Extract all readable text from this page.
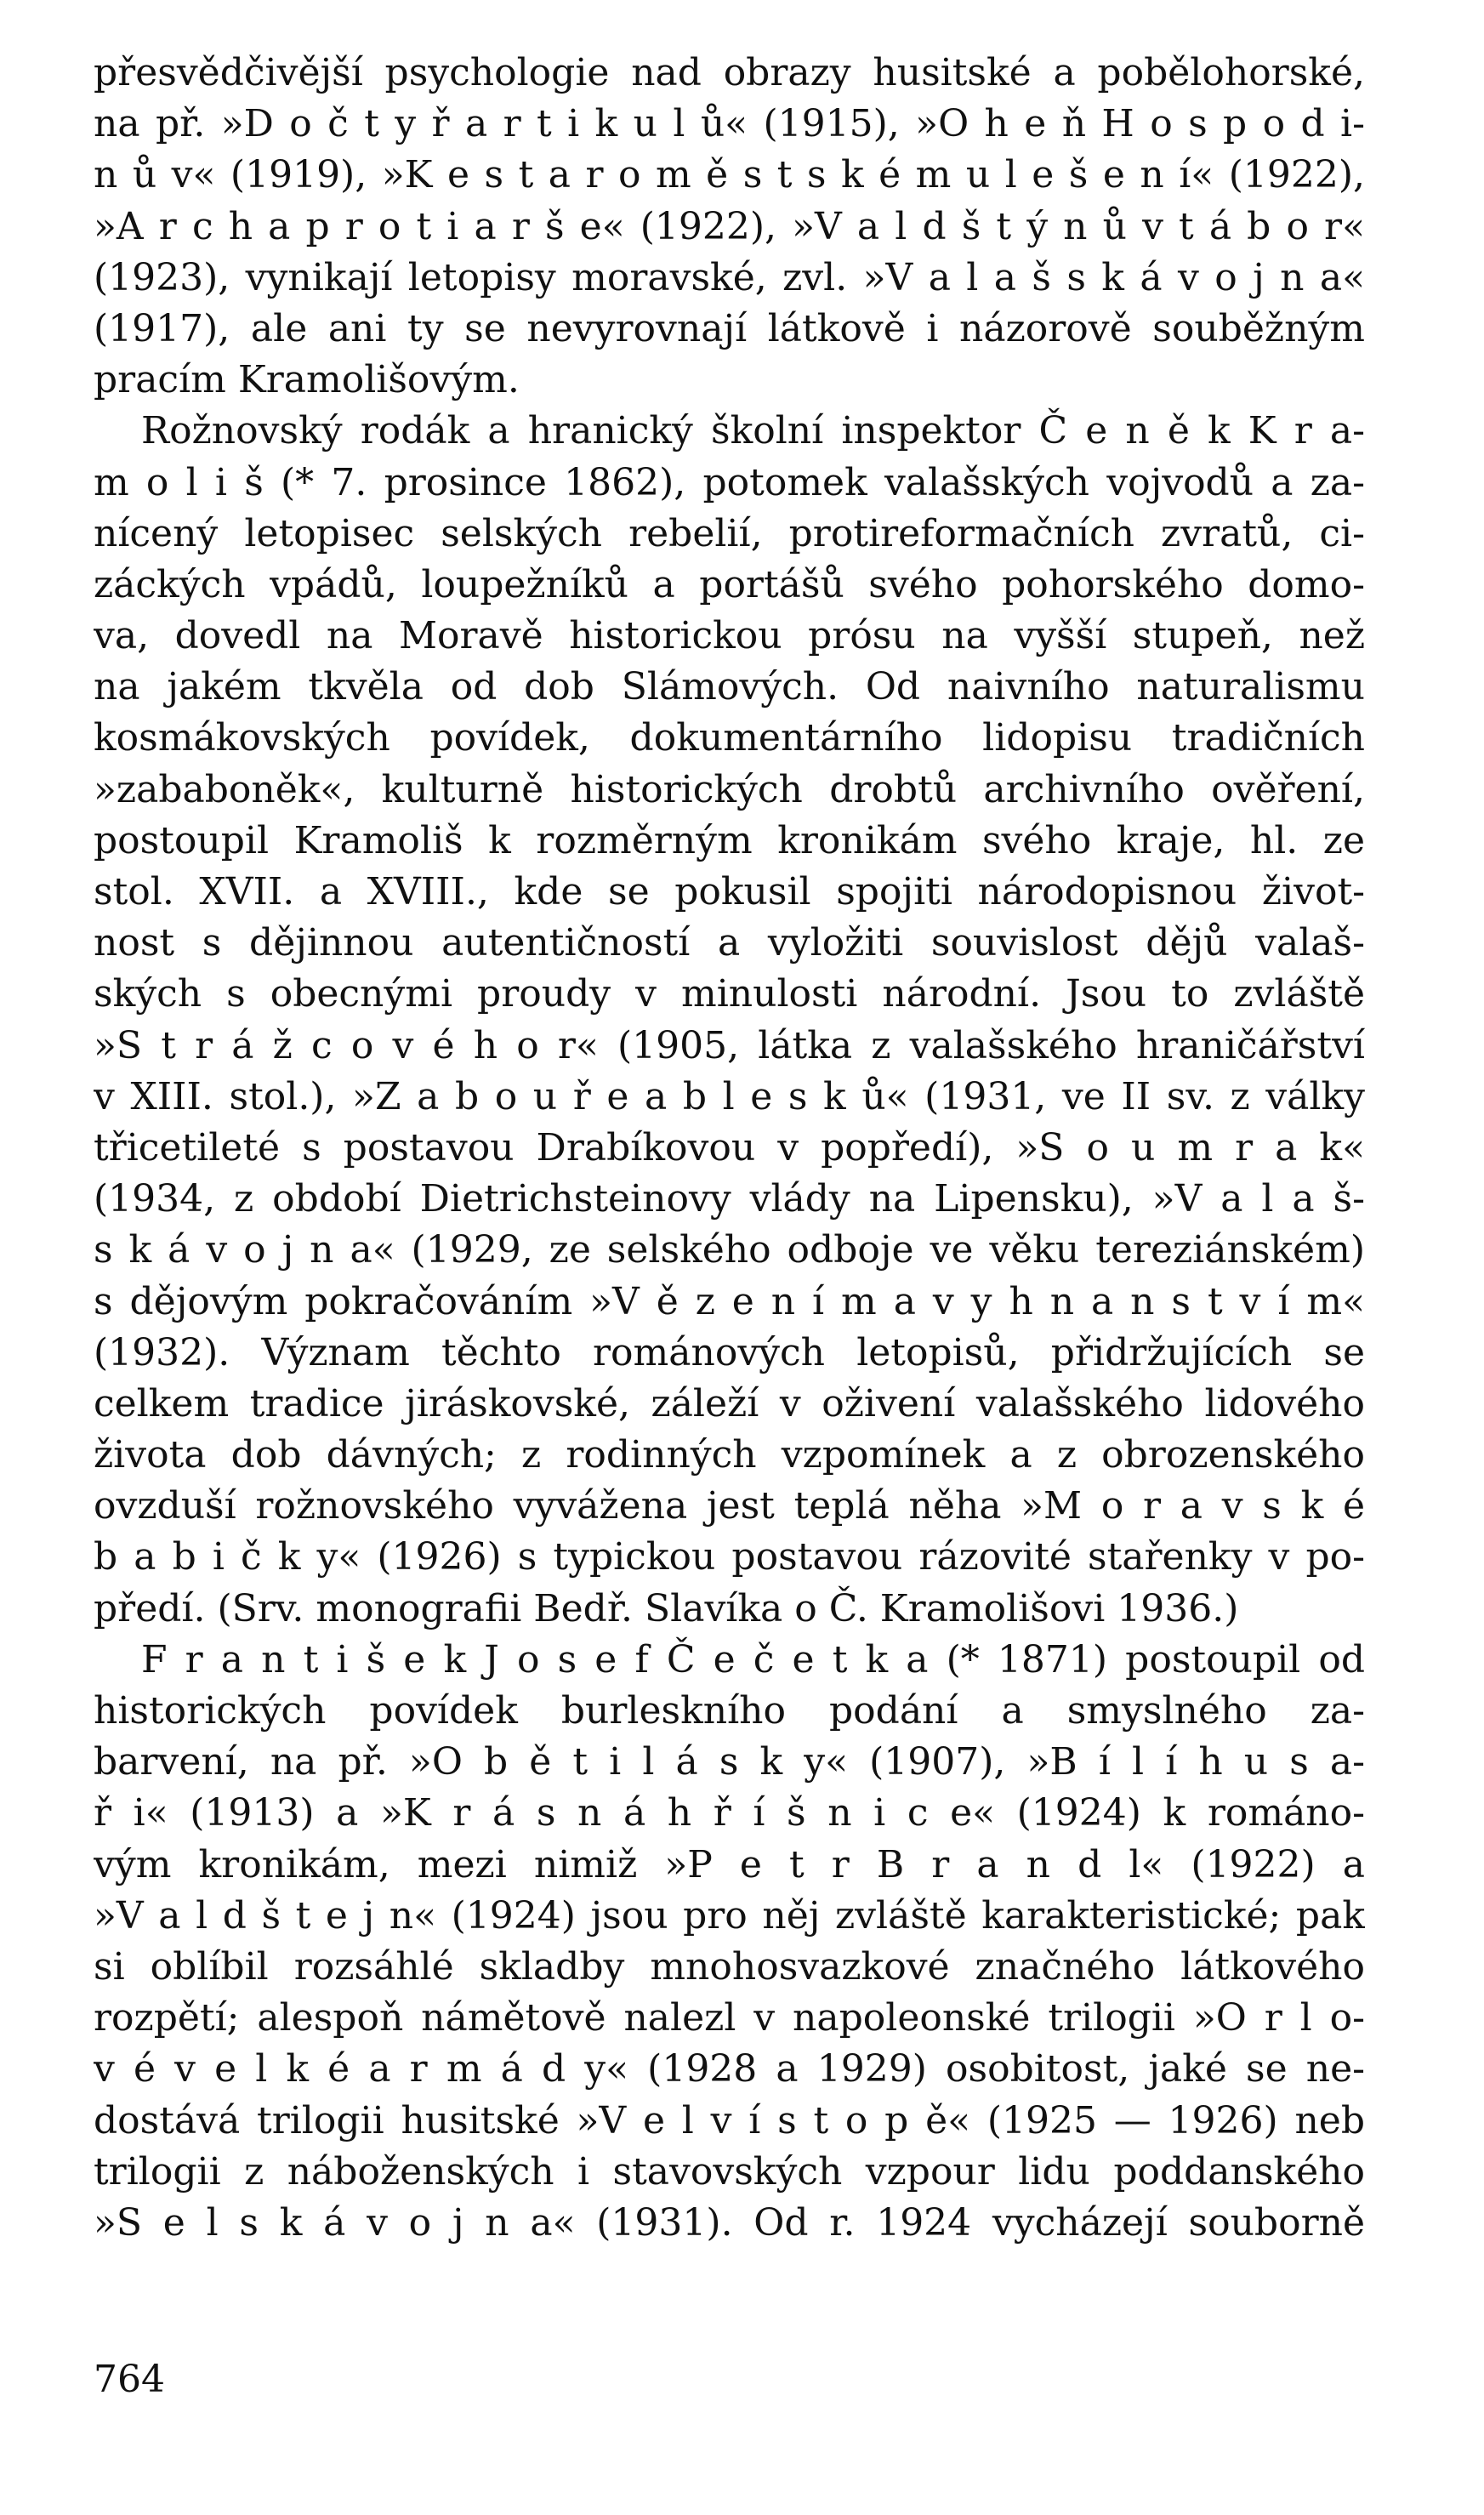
přesvědčivější psychologie nad obrazy husitské a pobělohorské,
na př. »D o č t y ř a r t i k u l ů« (1915), »O h e ň H o s p o d i-
n ů v« (1919), »K e s t a r o m ě s t s k é m u l e š e n í« (1922),
»A r c h a p r o t i a r š e« (1922), »V a l d š t ý n ů v t á b o r«
(1923), vynikají letopisy moravské, zvl. »V a l a š s k á v o j n a«
(1917), ale ani ty se nevyrovnají látkově i názorově souběžným
pracím Kramolišovým.
Rožnovský rodák a hranický školní inspektor Č e n ě k K r a-
m o l i š (* 7. prosince 1862), potomek valašských vojvodů a za-
nícený letopisec selských rebelií, protireformačních zvratů, ci-
záckých vpádů, loupežníků a portášů svého pohorského domo-
va, dovedl na Moravě historickou prósu na vyšší stupeň, než
na jakém tkvěla od dob Slámových. Od naivního naturalismu
kosmákovských povídek, dokumentárního lidopisu tradičních
»zababoněk«, kulturně historických drobtů archivního ověření,
postoupil Kramoliš k rozměrným kronikám svého kraje, hl. ze
stol. XVII. a XVIII., kde se pokusil spojiti národopisnou život-
nost s dějinnou autentičností a vyložiti souvislost dějů valaš-
ských s obecnými proudy v minulosti národní. Jsou to zvláště
»S t r á ž c o v é h o r« (1905, látka z valašského hraničářství
v XIII. stol.), »Z a b o u ř e a b l e s k ů« (1931, ve II sv. z války
třicetileté s postavou Drabíkovou v popředí), »S o u m r a k«
(1934, z období Dietrichsteinovy vlády na Lipensku), »V a l a š-
s k á v o j n a« (1929, ze selského odboje ve věku tereziánském)
s dějovým pokračováním »V ě z e n í m a v y h n a n s t v í m«
(1932). Význam těchto románových letopisů, přidržujících se
celkem tradice jiráskovské, záleží v oživení valašského lidového
života dob dávných; z rodinných vzpomínek a z obrozenského
ovzduší rožnovského vyvážena jest teplá něha »M o r a v s k é
b a b i č k y« (1926) s typickou postavou rázovité stařenky v po-
předí. (Srv. monografii Bedř. Slavíka o Č. Kramolišovi 1936.)
F r a n t i š e k J o s e f Č e č e t k a (* 1871) postoupil od
historických povídek burleskního podání a smyslného za-
barvení, na př. »O b ě t i l á s k y« (1907), »B í l í h u s a-
ř i« (1913) a »K r á s n á h ř í š n i c e« (1924) k románo-
vým kronikám, mezi nimiž »P e t r B r a n d l« (1922) a
»V a l d š t e j n« (1924) jsou pro něj zvláště karakteristické; pak
si oblíbil rozsáhlé skladby mnohosvazkové značného látkového
rozpětí; alespoň námětově nalezl v napoleonské trilogii »O r l o-
v é v e l k é a r m á d y« (1928 a 1929) osobitost, jaké se ne-
dostává trilogii husitské »V e l v í s t o p ě« (1925 — 1926) neb
trilogii z náboženských i stavovských vzpour lidu poddanského
»S e l s k á v o j n a« (1931). Od r. 1924 vycházejí souborně
764
